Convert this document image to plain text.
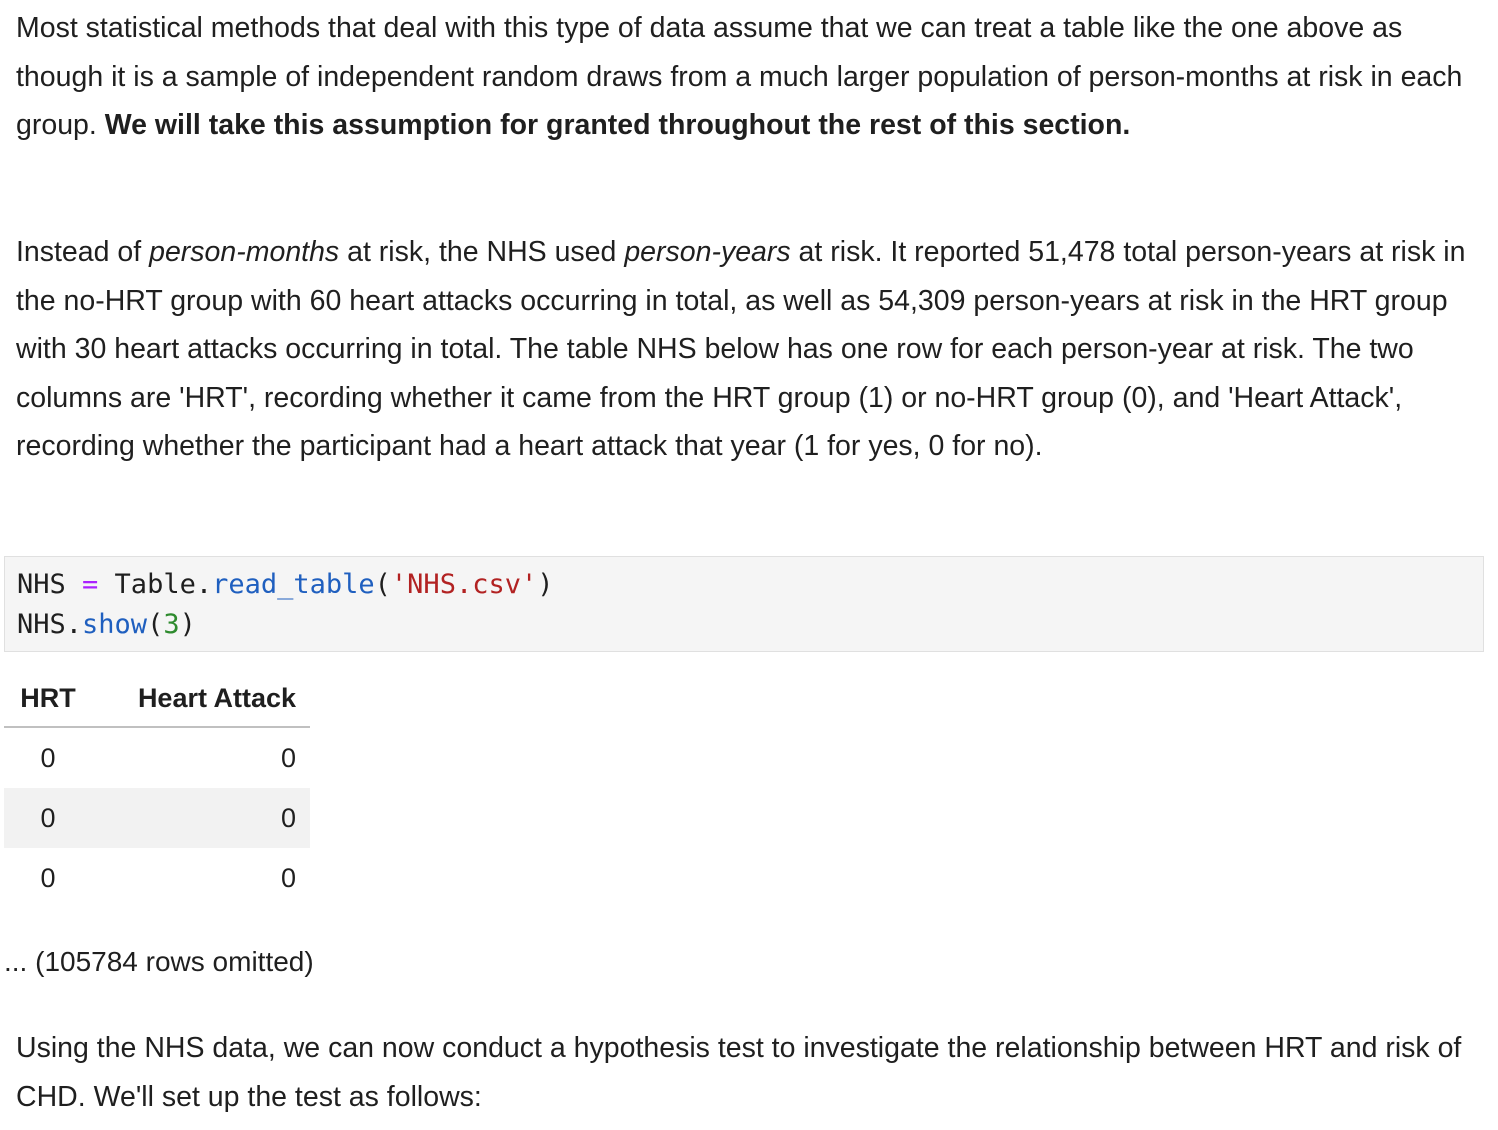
Most statistical methods that deal with this type of data assume that we can treat a table like the one above as though it is a sample of independent random draws from a much larger population of person-months at risk in each group. We will take this assumption for granted throughout the rest of this section.

Instead of person-months at risk, the NHS used person-years at risk. It reported 51,478 total person-years at risk in the no-HRT group with 60 heart attacks occurring in total, as well as 54,309 person-years at risk in the HRT group with 30 heart attacks occurring in total. The table NHS below has one row for each person-year at risk. The two columns are 'HRT', recording whether it came from the HRT group (1) or no-HRT group (0), and 'Heart Attack', recording whether the participant had a heart attack that year (1 for yes, 0 for no).

NHS = Table.read_table('NHS.csv')
NHS.show(3)
HRT	Heart Attack
0	0
0	0
0	0
... (105784 rows omitted)

Using the NHS data, we can now conduct a hypothesis test to investigate the relationship between HRT and risk of CHD. We'll set up the test as follows:
